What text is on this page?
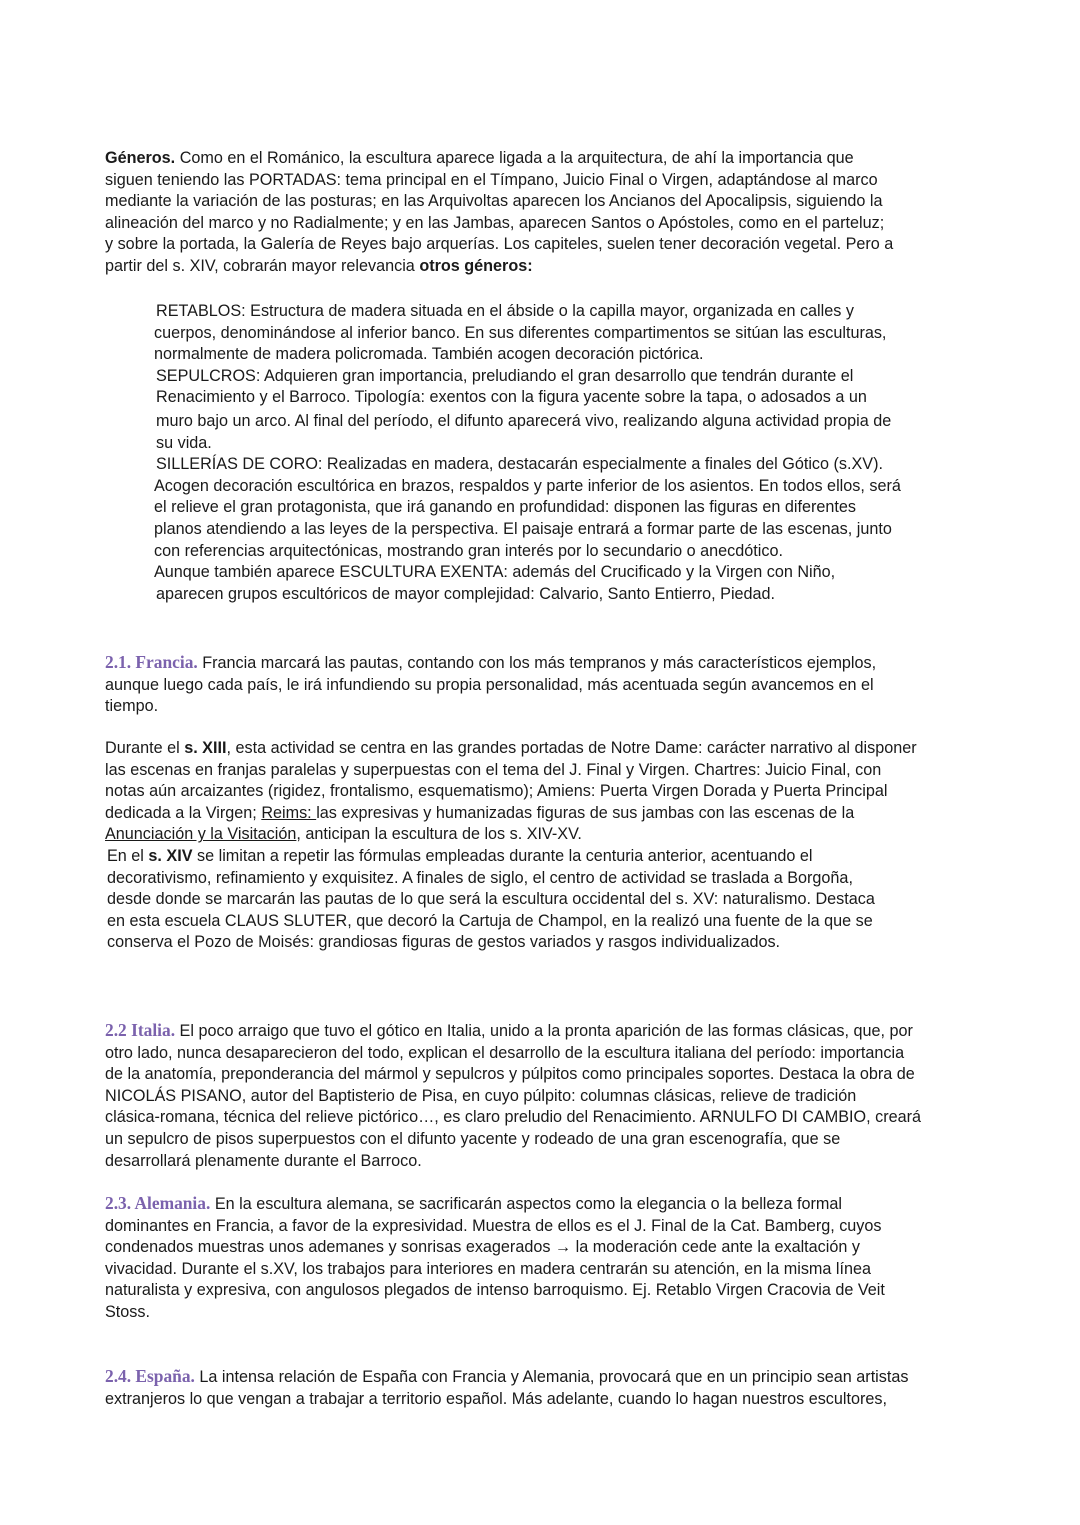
Géneros. Como en el Románico, la escultura aparece ligada a la arquitectura, de ahí la importancia que
siguen teniendo las PORTADAS: tema principal en el Tímpano, Juicio Final o Virgen, adaptándose al marco
mediante la variación de las posturas; en las Arquivoltas aparecen los Ancianos del Apocalipsis, siguiendo la
alineación del marco y no Radialmente; y en las Jambas, aparecen Santos o Apóstoles, como en el parteluz;
y sobre la portada, la Galería de Reyes bajo arquerías. Los capiteles, suelen tener decoración vegetal. Pero a
partir del s. XIV, cobrarán mayor relevancia otros géneros:
RETABLOS: Estructura de madera situada en el ábside o la capilla mayor, organizada en calles y
cuerpos, denominándose al inferior banco. En sus diferentes compartimentos se sitúan las esculturas,
normalmente de madera policromada. También acogen decoración pictórica.
SEPULCROS: Adquieren gran importancia, preludiando el gran desarrollo que tendrán durante el
Renacimiento y el Barroco. Tipología: exentos con la figura yacente sobre la tapa, o adosados a un
muro bajo un arco. Al final del período, el difunto aparecerá vivo, realizando alguna actividad propia de
su vida.
SILLERÍAS DE CORO: Realizadas en madera, destacarán especialmente a finales del Gótico (s.XV).
Acogen decoración escultórica en brazos, respaldos y parte inferior de los asientos. En todos ellos, será
el relieve el gran protagonista, que irá ganando en profundidad: disponen las figuras en diferentes
planos atendiendo a las leyes de la perspectiva. El paisaje entrará a formar parte de las escenas, junto
con referencias arquitectónicas, mostrando gran interés por lo secundario o anecdótico.
Aunque también aparece ESCULTURA EXENTA: además del Crucificado y la Virgen con Niño,
aparecen grupos escultóricos de mayor complejidad: Calvario, Santo Entierro, Piedad.
2.1. Francia. Francia marcará las pautas, contando con los más tempranos y más característicos ejemplos,
aunque luego cada país, le irá infundiendo su propia personalidad, más acentuada según avancemos en el
tiempo.
Durante el s. XIII, esta actividad se centra en las grandes portadas de Notre Dame: carácter narrativo al disponer
las escenas en franjas paralelas y superpuestas con el tema del J. Final y Virgen. Chartres: Juicio Final, con
notas aún arcaizantes (rigidez, frontalismo, esquematismo); Amiens: Puerta Virgen Dorada y Puerta Principal
dedicada a la Virgen; Reims: las expresivas y humanizadas figuras de sus jambas con las escenas de la
Anunciación y la Visitación, anticipan la escultura de los s. XIV-XV.
En el s. XIV se limitan a repetir las fórmulas empleadas durante la centuria anterior, acentuando el
decorativismo, refinamiento y exquisitez. A finales de siglo, el centro de actividad se traslada a Borgoña,
desde donde se marcarán las pautas de lo que será la escultura occidental del s. XV: naturalismo. Destaca
en esta escuela CLAUS SLUTER, que decoró la Cartuja de Champol, en la realizó una fuente de la que se
conserva el Pozo de Moisés: grandiosas figuras de gestos variados y rasgos individualizados.
2.2 Italia. El poco arraigo que tuvo el gótico en Italia, unido a la pronta aparición de las formas clásicas, que, por
otro lado, nunca desaparecieron del todo, explican el desarrollo de la escultura italiana del período: importancia
de la anatomía, preponderancia del mármol y sepulcros y púlpitos como principales soportes. Destaca la obra de
NICOLÁS PISANO, autor del Baptisterio de Pisa, en cuyo púlpito: columnas clásicas, relieve de tradición
clásica-romana, técnica del relieve pictórico…, es claro preludio del Renacimiento. ARNULFO DI CAMBIO, creará
un sepulcro de pisos superpuestos con el difunto yacente y rodeado de una gran escenografía, que se
desarrollará plenamente durante el Barroco.
2.3. Alemania. En la escultura alemana, se sacrificarán aspectos como la elegancia o la belleza formal
dominantes en Francia, a favor de la expresividad. Muestra de ellos es el J. Final de la Cat. Bamberg, cuyos
condenados muestras unos ademanes y sonrisas exagerados → la moderación cede ante la exaltación y
vivacidad. Durante el s.XV, los trabajos para interiores en madera centrarán su atención, en la misma línea
naturalista y expresiva, con angulosos plegados de intenso barroquismo. Ej. Retablo Virgen Cracovia de Veit
Stoss.
2.4. España. La intensa relación de España con Francia y Alemania, provocará que en un principio sean artistas
extranjeros lo que vengan a trabajar a territorio español. Más adelante, cuando lo hagan nuestros escultores,
